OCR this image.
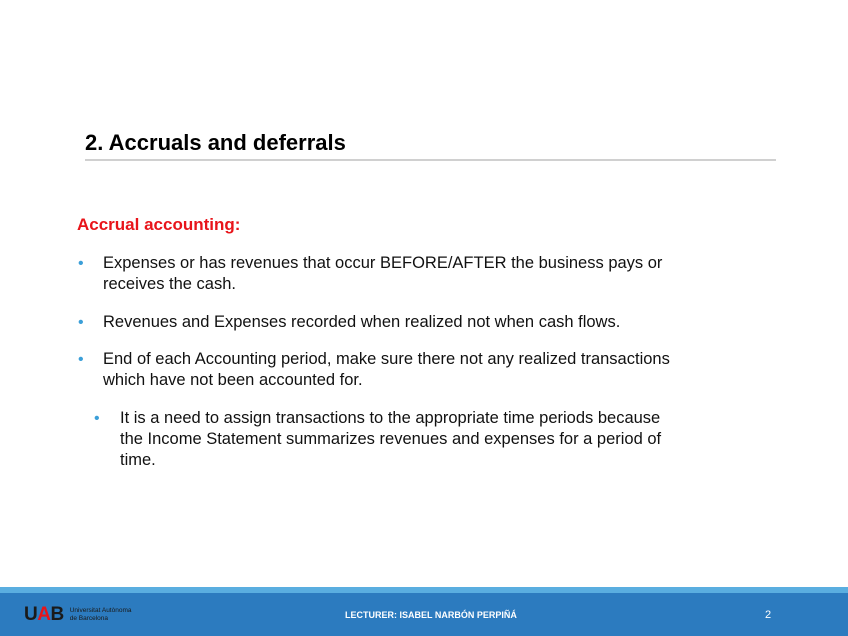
2. Accruals and deferrals
Accrual accounting:
• Expenses or has revenues that occur BEFORE/AFTER the business pays or
receives the cash.
• Revenues and Expenses recorded when realized not when cash flows.
• End of each Accounting period, make sure there not any realized transactions
which have not been accounted for.
• It is a need to assign transactions to the appropriate time periods because
the Income Statement summarizes revenues and expenses for a period of
time.
UAB Universitat Autònoma
de Barcelona	LECTURER: ISABEL NARBÓN PERPIÑÁ	2
